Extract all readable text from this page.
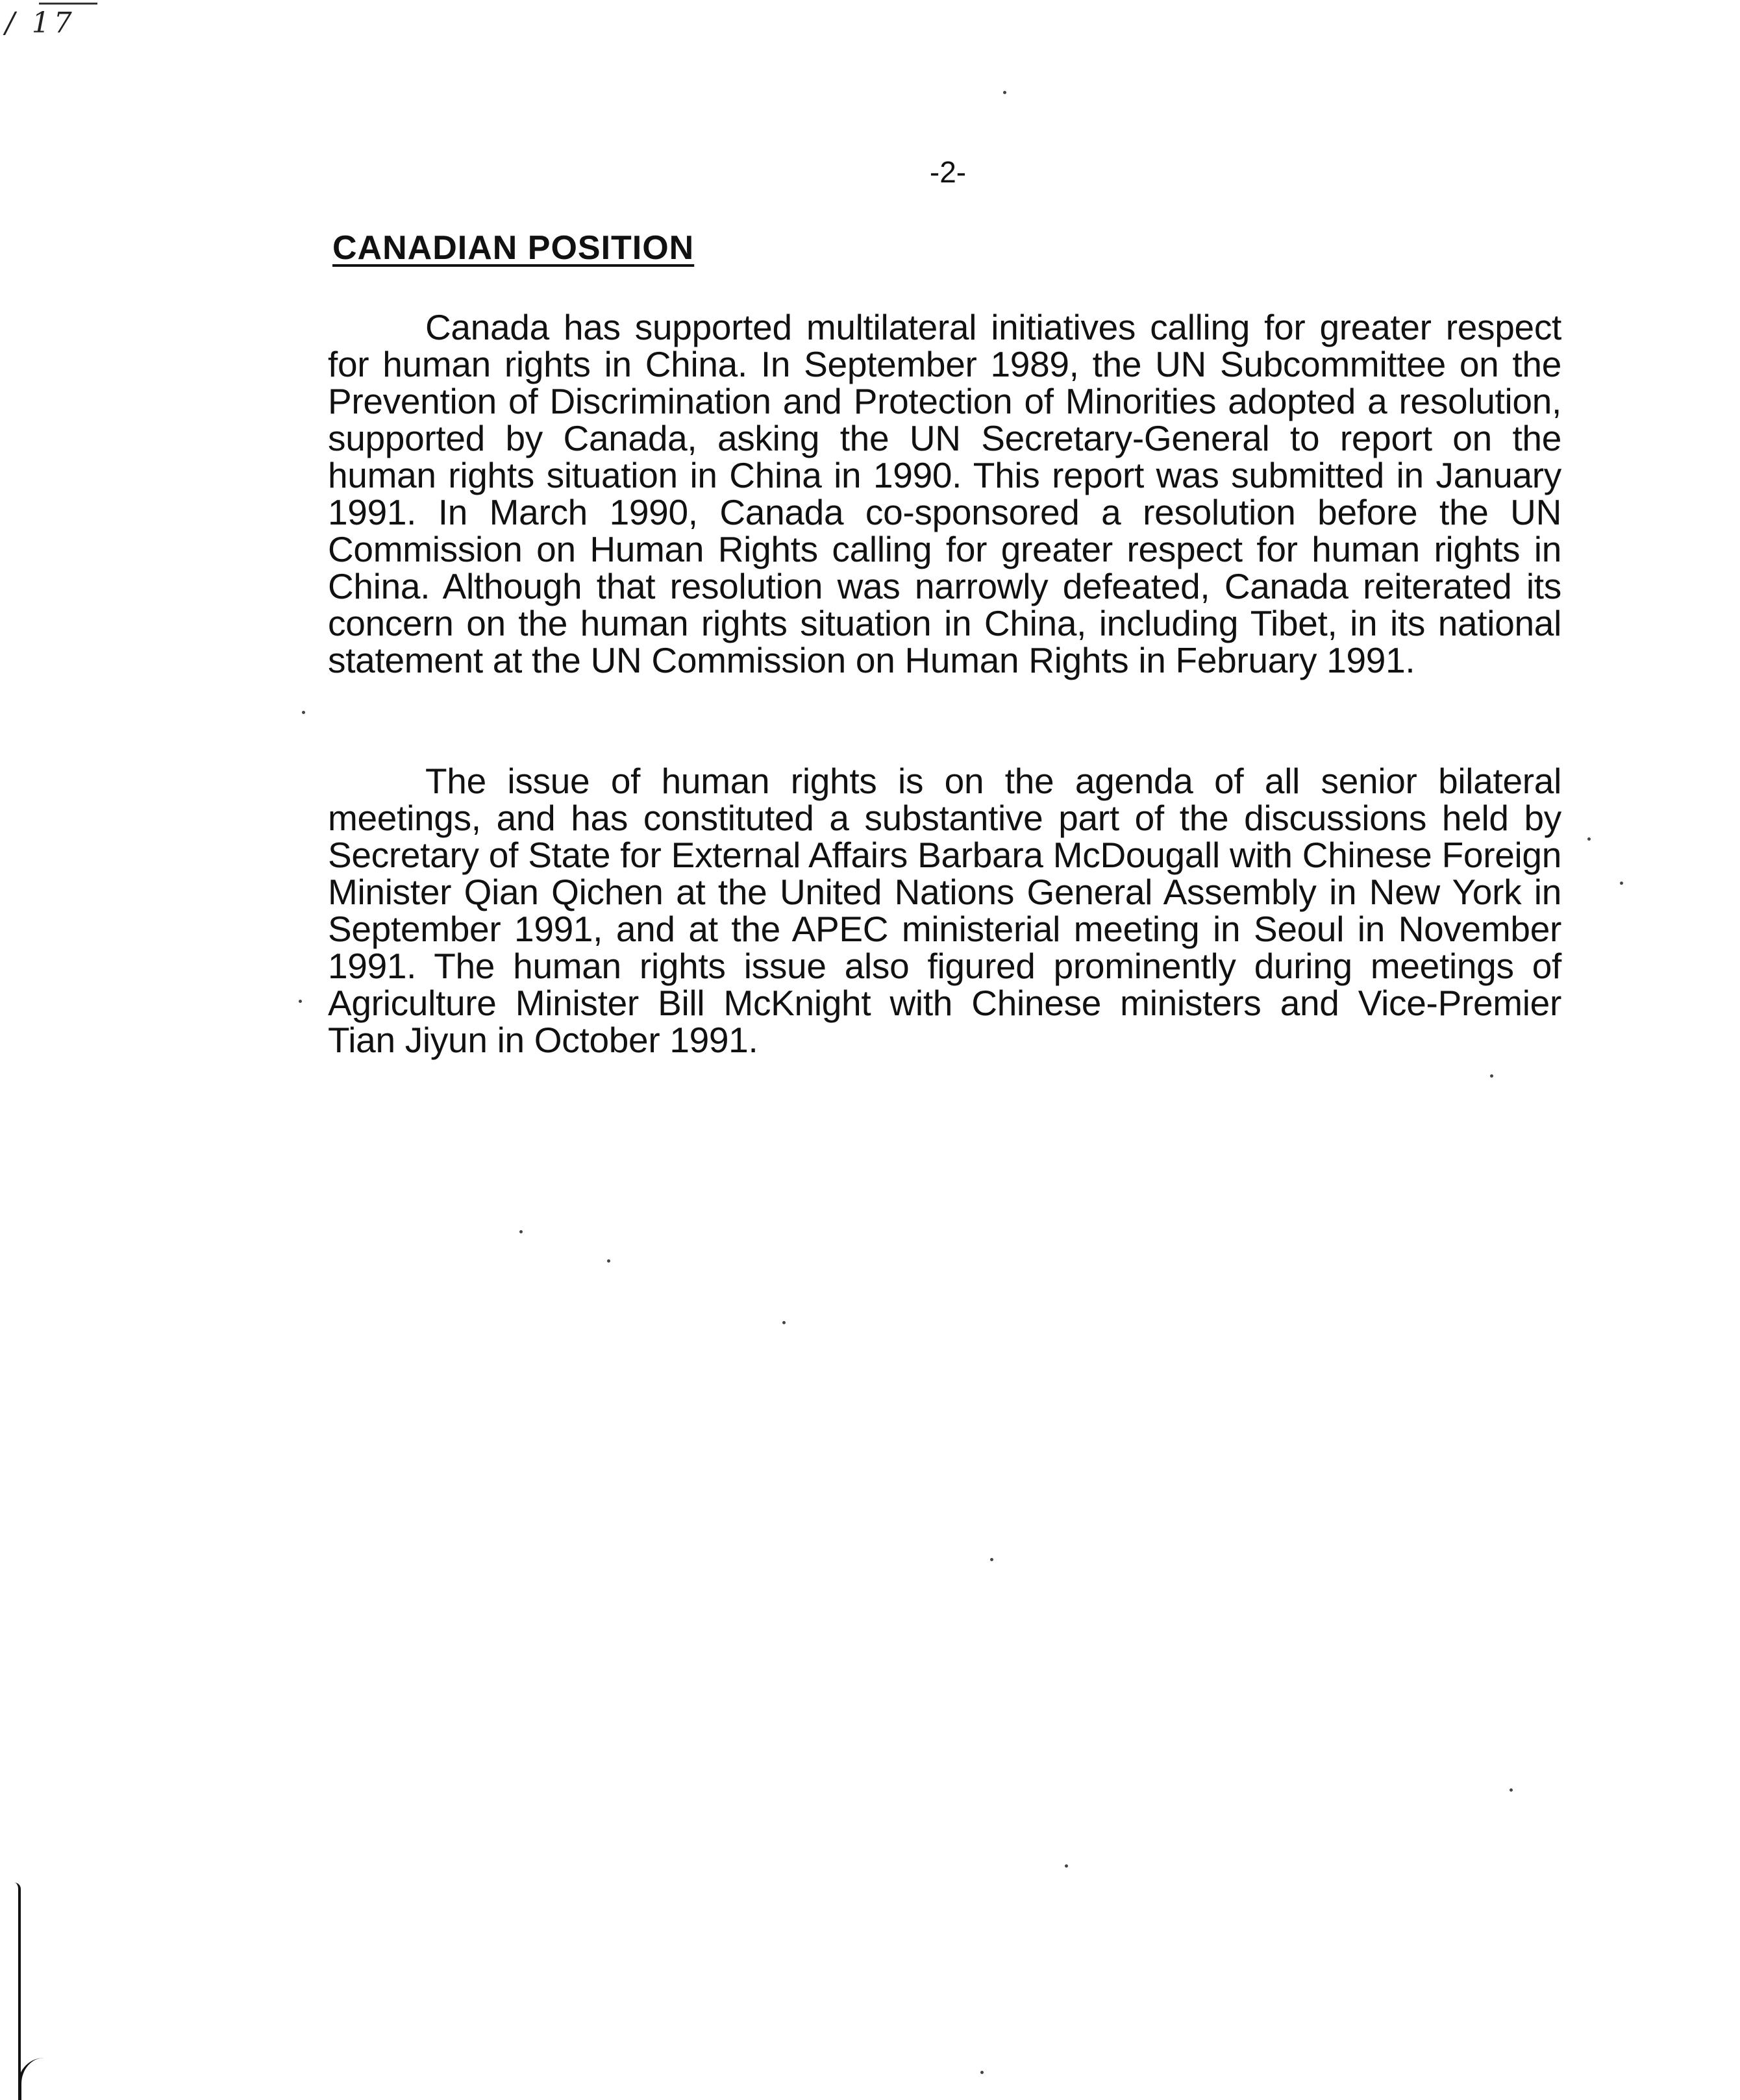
/ 17
-2-
CANADIAN POSITION

Canada has supported multilateral initiatives calling for greater respect for human rights in China. In September 1989, the UN Subcommittee on the Prevention of Discrimination and Protection of Minorities adopted a resolution, supported by Canada, asking the UN Secretary-General to report on the human rights situation in China in 1990. This report was submitted in January 1991. In March 1990, Canada co-sponsored a resolution before the UN Commission on Human Rights calling for greater respect for human rights in China. Although that resolution was narrowly defeated, Canada reiterated its concern on the human rights situation in China, including Tibet, in its national statement at the UN Commission on Human Rights in February 1991.

The issue of human rights is on the agenda of all senior bilateral meetings, and has constituted a substantive part of the discussions held by Secretary of State for External Affairs Barbara McDougall with Chinese Foreign Minister Qian Qichen at the United Nations General Assembly in New York in September 1991, and at the APEC ministerial meeting in Seoul in November 1991. The human rights issue also figured prominently during meetings of Agriculture Minister Bill McKnight with Chinese ministers and Vice-Premier Tian Jiyun in October 1991.
